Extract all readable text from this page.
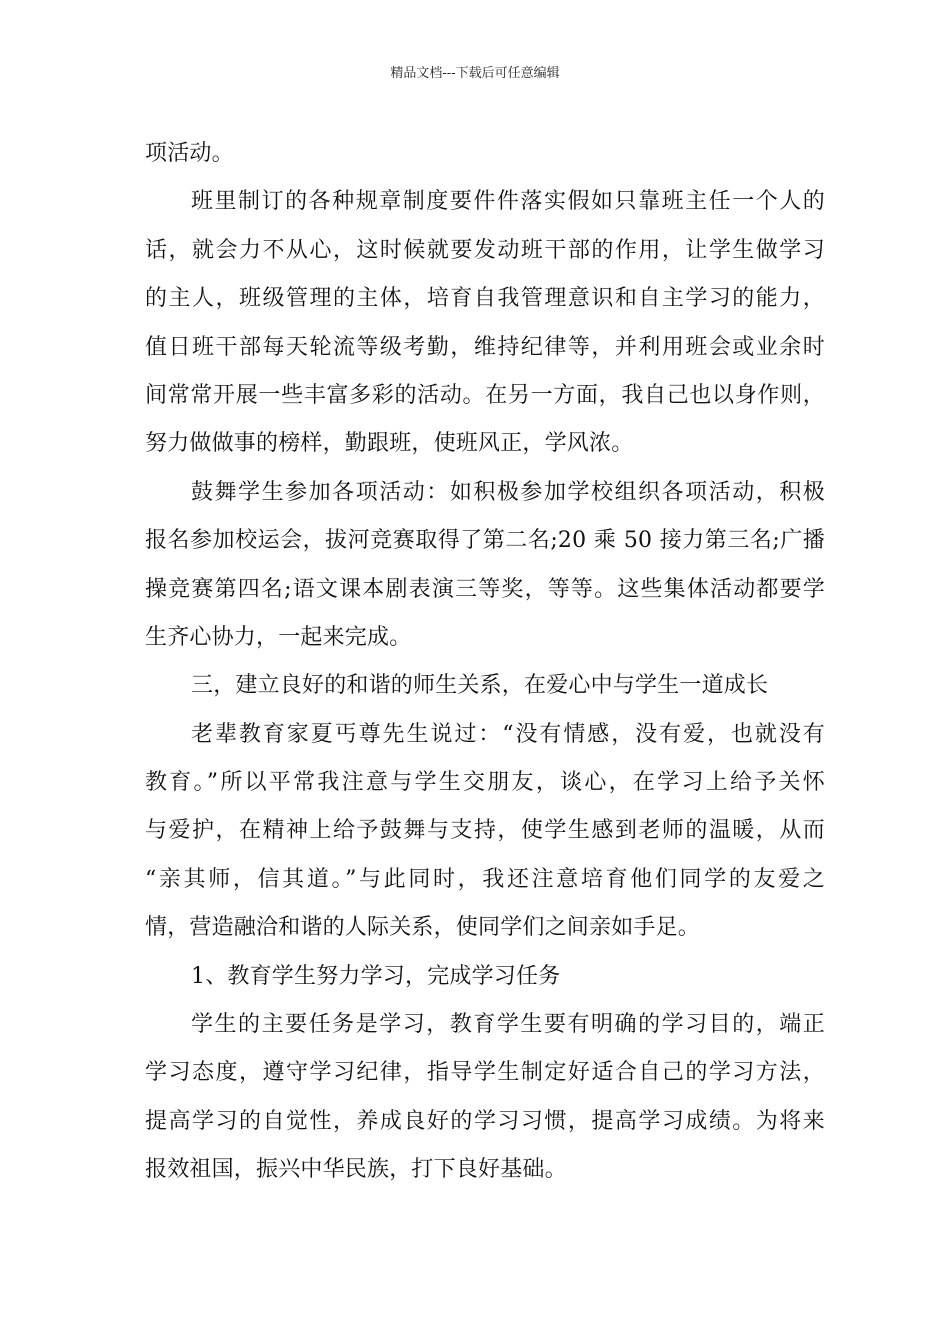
精品文档---下载后可任意编辑
项活动。
班里制订的各种规章制度要件件落实假如只靠班主任一个人的
话，就会力不从心，这时候就要发动班干部的作用，让学生做学习
的主人，班级管理的主体，培育自我管理意识和自主学习的能力，
值日班干部每天轮流等级考勤，维持纪律等，并利用班会或业余时
间常常开展一些丰富多彩的活动。在另一方面，我自己也以身作则，
努力做做事的榜样，勤跟班，使班风正，学风浓。
鼓舞学生参加各项活动：如积极参加学校组织各项活动，积极
报名参加校运会，拔河竞赛取得了第二名;20 乘 50 接力第三名;广播
操竞赛第四名;语文课本剧表演三等奖，等等。这些集体活动都要学
生齐心协力，一起来完成。
三，建立良好的和谐的师生关系，在爱心中与学生一道成长
老辈教育家夏丐尊先生说过：“没有情感，没有爱，也就没有
教育。”所以平常我注意与学生交朋友，谈心，在学习上给予关怀
与爱护，在精神上给予鼓舞与支持，使学生感到老师的温暖，从而
“亲其师，信其道。”与此同时，我还注意培育他们同学的友爱之
情，营造融洽和谐的人际关系，使同学们之间亲如手足。
1、教育学生努力学习，完成学习任务
学生的主要任务是学习，教育学生要有明确的学习目的，端正
学习态度，遵守学习纪律，指导学生制定好适合自己的学习方法，
提高学习的自觉性，养成良好的学习习惯，提高学习成绩。为将来
报效祖国，振兴中华民族，打下良好基础。
